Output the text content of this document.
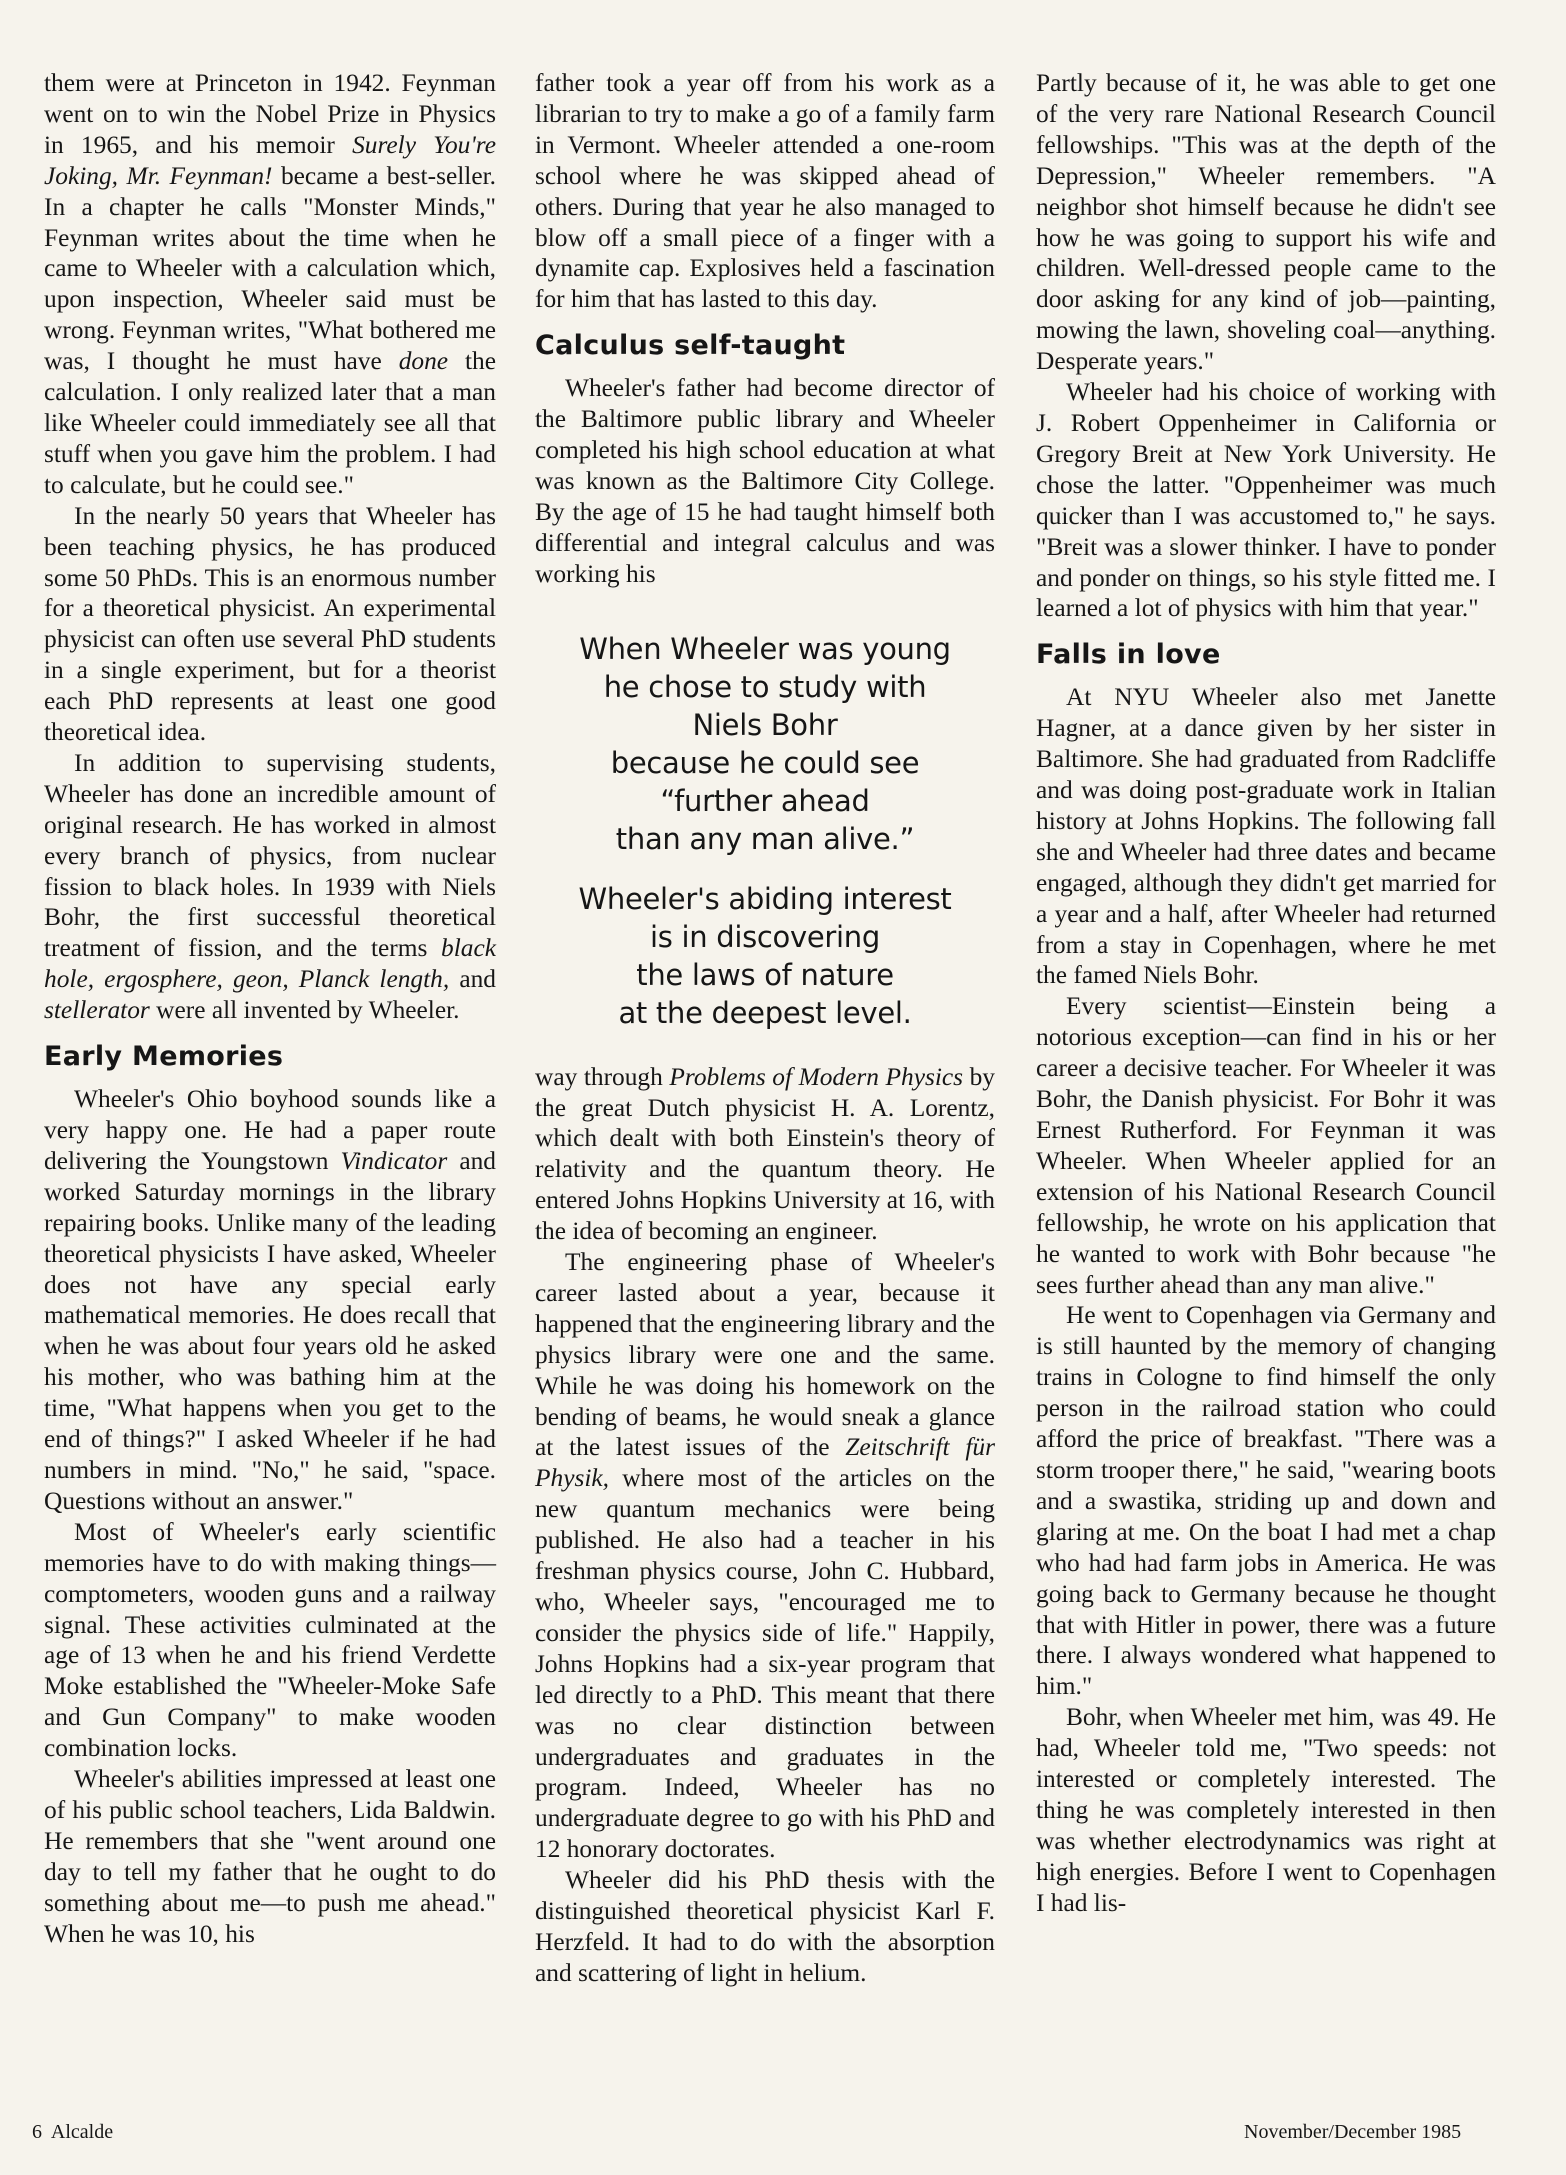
them were at Princeton in 1942. Feynman went on to win the Nobel Prize in Physics in 1965, and his memoir Surely You're Joking, Mr. Feynman! became a best-seller. In a chapter he calls "Monster Minds," Feynman writes about the time when he came to Wheeler with a calculation which, upon inspection, Wheeler said must be wrong. Feynman writes, "What bothered me was, I thought he must have done the calculation. I only realized later that a man like Wheeler could immediately see all that stuff when you gave him the problem. I had to calculate, but he could see."

In the nearly 50 years that Wheeler has been teaching physics, he has produced some 50 PhDs. This is an enormous number for a theoretical physicist. An experimental physicist can often use several PhD students in a single experiment, but for a theorist each PhD represents at least one good theoretical idea.

In addition to supervising students, Wheeler has done an incredible amount of original research. He has worked in almost every branch of physics, from nuclear fission to black holes. In 1939 with Niels Bohr, the first successful theoretical treatment of fission, and the terms black hole, ergosphere, geon, Planck length, and stellerator were all invented by Wheeler.

Early Memories

Wheeler's Ohio boyhood sounds like a very happy one. He had a paper route delivering the Youngstown Vindicator and worked Saturday mornings in the library repairing books. Unlike many of the leading theoretical physicists I have asked, Wheeler does not have any special early mathematical memories. He does recall that when he was about four years old he asked his mother, who was bathing him at the time, "What happens when you get to the end of things?" I asked Wheeler if he had numbers in mind. "No," he said, "space. Questions without an answer."

Most of Wheeler's early scientific memories have to do with making things—comptometers, wooden guns and a railway signal. These activities culminated at the age of 13 when he and his friend Verdette Moke established the "Wheeler-Moke Safe and Gun Company" to make wooden combination locks.

Wheeler's abilities impressed at least one of his public school teachers, Lida Baldwin. He remembers that she "went around one day to tell my father that he ought to do something about me—to push me ahead." When he was 10, his

father took a year off from his work as a librarian to try to make a go of a family farm in Vermont. Wheeler attended a one-room school where he was skipped ahead of others. During that year he also managed to blow off a small piece of a finger with a dynamite cap. Explosives held a fascination for him that has lasted to this day.

Calculus self-taught

Wheeler's father had become director of the Baltimore public library and Wheeler completed his high school education at what was known as the Baltimore City College. By the age of 15 he had taught himself both differential and integral calculus and was working his

When Wheeler was young
he chose to study with
Niels Bohr
because he could see
“further ahead
than any man alive.”
Wheeler's abiding interest
is in discovering
the laws of nature
at the deepest level.

way through Problems of Modern Physics by the great Dutch physicist H. A. Lorentz, which dealt with both Einstein's theory of relativity and the quantum theory. He entered Johns Hopkins University at 16, with the idea of becoming an engineer.

The engineering phase of Wheeler's career lasted about a year, because it happened that the engineering library and the physics library were one and the same. While he was doing his homework on the bending of beams, he would sneak a glance at the latest issues of the Zeitschrift für Physik, where most of the articles on the new quantum mechanics were being published. He also had a teacher in his freshman physics course, John C. Hubbard, who, Wheeler says, "encouraged me to consider the physics side of life." Happily, Johns Hopkins had a six-year program that led directly to a PhD. This meant that there was no clear distinction between undergraduates and graduates in the program. Indeed, Wheeler has no undergraduate degree to go with his PhD and 12 honorary doctorates.

Wheeler did his PhD thesis with the distinguished theoretical physicist Karl F. Herzfeld. It had to do with the absorption and scattering of light in helium.

Partly because of it, he was able to get one of the very rare National Research Council fellowships. "This was at the depth of the Depression," Wheeler remembers. "A neighbor shot himself because he didn't see how he was going to support his wife and children. Well-dressed people came to the door asking for any kind of job—painting, mowing the lawn, shoveling coal—anything. Desperate years."

Wheeler had his choice of working with J. Robert Oppenheimer in California or Gregory Breit at New York University. He chose the latter. "Oppenheimer was much quicker than I was accustomed to," he says. "Breit was a slower thinker. I have to ponder and ponder on things, so his style fitted me. I learned a lot of physics with him that year."

Falls in love

At NYU Wheeler also met Janette Hagner, at a dance given by her sister in Baltimore. She had graduated from Radcliffe and was doing post-graduate work in Italian history at Johns Hopkins. The following fall she and Wheeler had three dates and became engaged, although they didn't get married for a year and a half, after Wheeler had returned from a stay in Copenhagen, where he met the famed Niels Bohr.

Every scientist—Einstein being a notorious exception—can find in his or her career a decisive teacher. For Wheeler it was Bohr, the Danish physicist. For Bohr it was Ernest Rutherford. For Feynman it was Wheeler. When Wheeler applied for an extension of his National Research Council fellowship, he wrote on his application that he wanted to work with Bohr because "he sees further ahead than any man alive."

He went to Copenhagen via Germany and is still haunted by the memory of changing trains in Cologne to find himself the only person in the railroad station who could afford the price of breakfast. "There was a storm trooper there," he said, "wearing boots and a swastika, striding up and down and glaring at me. On the boat I had met a chap who had had farm jobs in America. He was going back to Germany because he thought that with Hitler in power, there was a future there. I always wondered what happened to him."

Bohr, when Wheeler met him, was 49. He had, Wheeler told me, "Two speeds: not interested or completely interested. The thing he was completely interested in then was whether electrodynamics was right at high energies. Before I went to Copenhagen I had lis-

6  Alcalde	November/December 1985
